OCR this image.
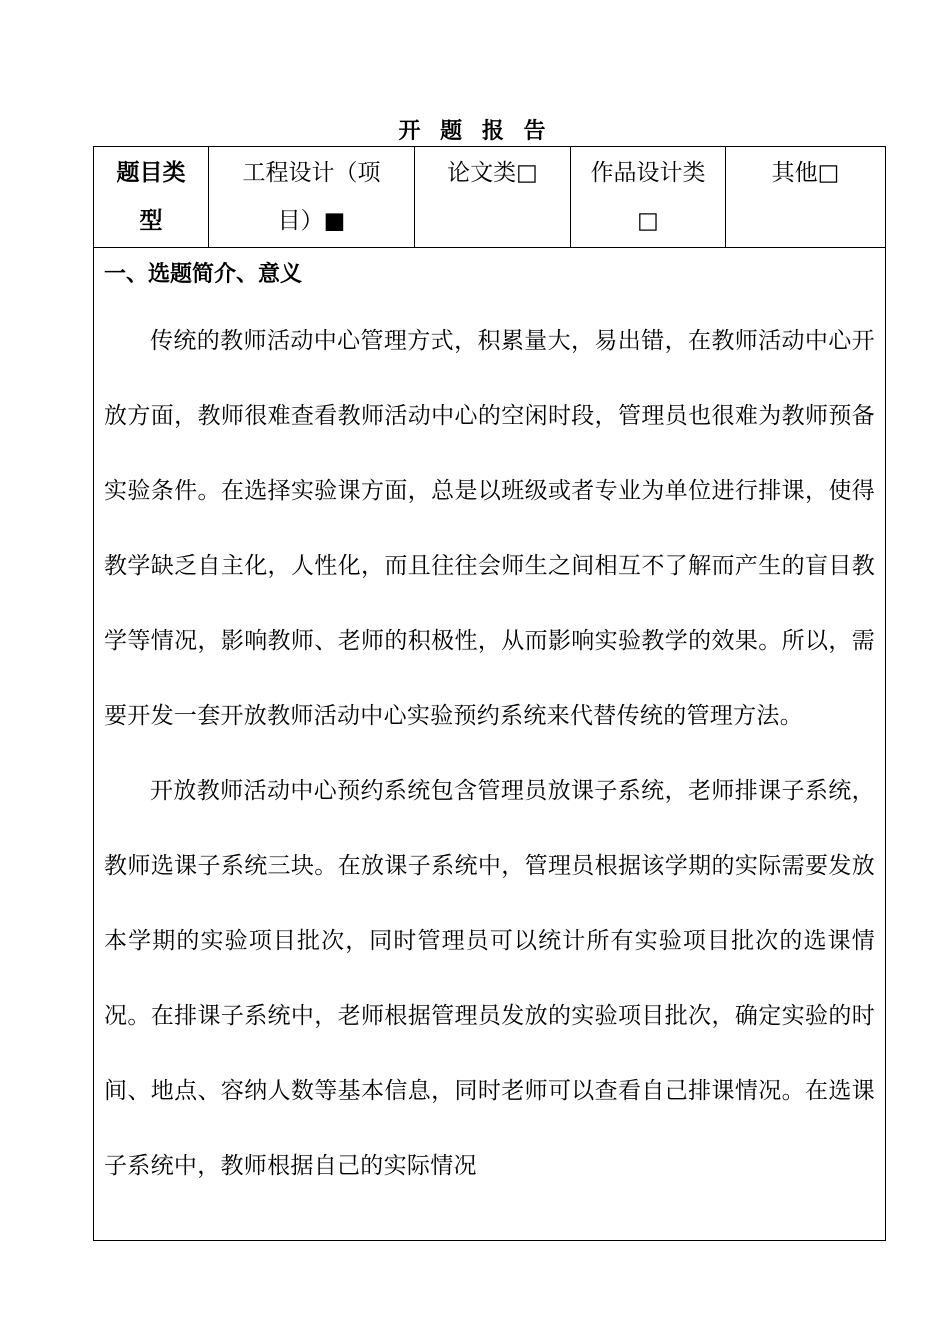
开 题 报 告
题目类型	工程设计（项目）■	论文类□	作品设计类□	其他□

一、选题简介、意义

传统的教师活动中心管理方式，积累量大，易出错，在教师活动中心开放方面，教师很难查看教师活动中心的空闲时段，管理员也很难为教师预备实验条件。在选择实验课方面，总是以班级或者专业为单位进行排课，使得教学缺乏自主化，人性化，而且往往会师生之间相互不了解而产生的盲目教学等情况，影响教师、老师的积极性，从而影响实验教学的效果。所以，需要开发一套开放教师活动中心实验预约系统来代替传统的管理方法。

开放教师活动中心预约系统包含管理员放课子系统，老师排课子系统，教师选课子系统三块。在放课子系统中，管理员根据该学期的实际需要发放本学期的实验项目批次，同时管理员可以统计所有实验项目批次的选课情况。在排课子系统中，老师根据管理员发放的实验项目批次，确定实验的时间、地点、容纳人数等基本信息，同时老师可以查看自己排课情况。在选课子系统中，教师根据自己的实际情况
